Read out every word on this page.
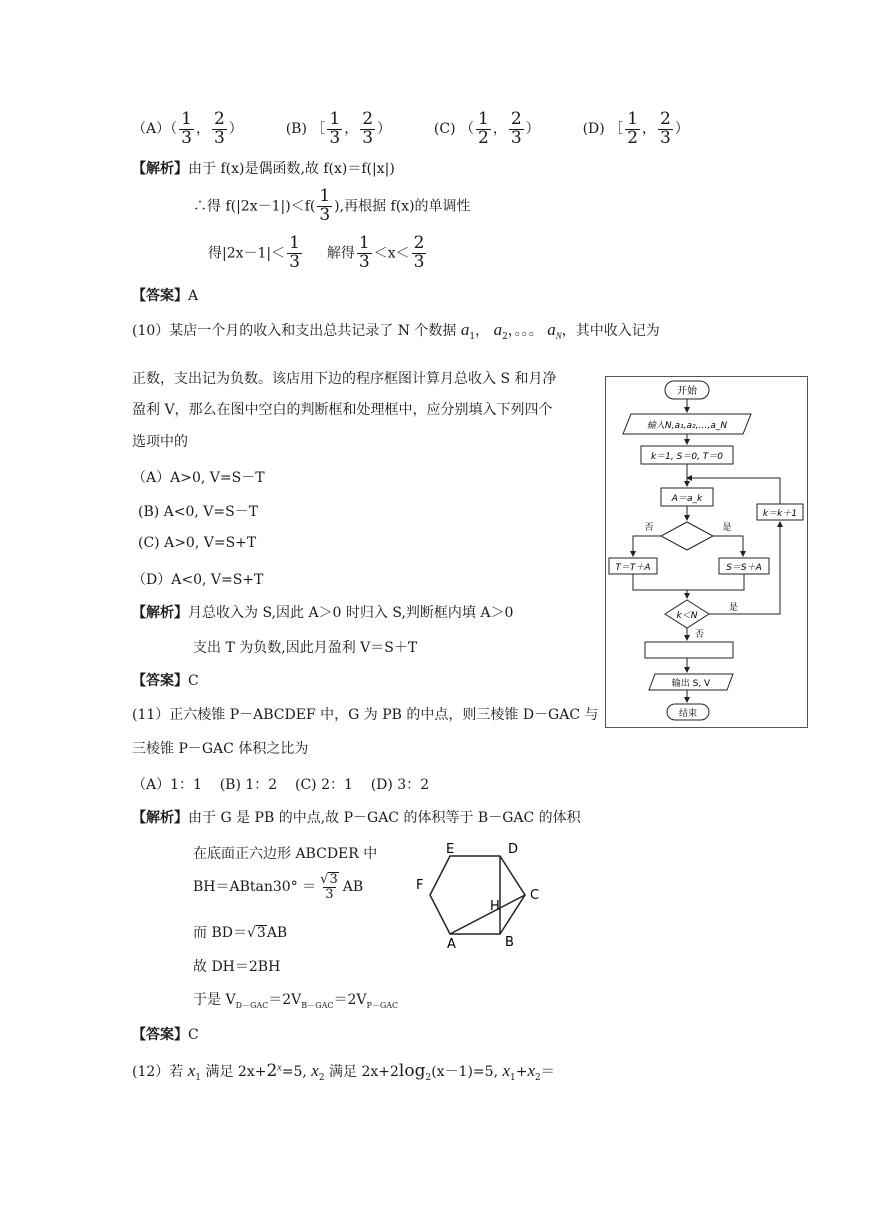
$(A)( \frac{1}{3}$ ， $\frac{2}{3}$ ）	(B) ［ $\frac{1}{3}$ ， $\frac{2}{3}$ ）	(C) （ $\frac{1}{2}$ ， $\frac{2}{3}$ ）	(D) ［ $\frac{1}{2}$ ， $\frac{2}{3}$ ）
【解析】由于 f(x)是偶函数,故 f(x)＝f(|x|)
∴得 $f(|2x-1|)<f( \frac{1}{3}$ ),再根据 f(x)的单调性
得$|2x-1|< \frac{1}{3}$ 解得 $\frac{1}{3} <x< \frac{2}{3}$
【答案】A
(10）某店一个月的收入和支出总共记录了 N 个数据 $a_1$， $a_2$，。。。 $a_N$，其中收入记为
正数，支出记为负数。该店用下边的程序框图计算月总收入 S 和月净
盈利 V，那么在图中空白的判断框和处理框中，应分别填入下列四个
选项中的
（A）A>0, V=S－T
(B) A<0, V=S－T
(C) A>0, V=S+T
（D）A<0, V=S+T
【解析】月总收入为 S,因此 A＞0 时归入 S,判断框内填 A＞0
支出 T 为负数,因此月盈利 V＝S＋T
【答案】C
开始
输入N,a₁,a₂,…,a_N
k＝1, S＝0, T＝0
A＝a_k
否	是
T＝T＋A	S＝S＋A
k＜N
是
k＝k＋1
否
输出 S, V
结束
(11）正六棱锥 P－ABCDEF 中，G 为 PB 的中点，则三棱锥 D－GAC 与
三棱锥 P－GAC 体积之比为
（A）1：1    (B) 1：2    (C) 2：1    (D) 3：2
【解析】由于 G 是 PB 的中点,故 P－GAC 的体积等于 B－GAC 的体积
在底面正六边形 ABCDER 中
$BH=ABtan30^\circ = \frac{√3}{3}$ AB
而 BD＝√3AB
故 DH＝2BH
于是 $V_{D-GAC}=2V_{B-GAC}=2V_{P-GAC}$
A	B
C
D
E
F
H
【答案】C
(12）若 $x_1$ 满足 $2x+2^x=5$, $x_2$ 满足 $2x+2\log_2(x-1)=5$, $x_1+x_2=$
